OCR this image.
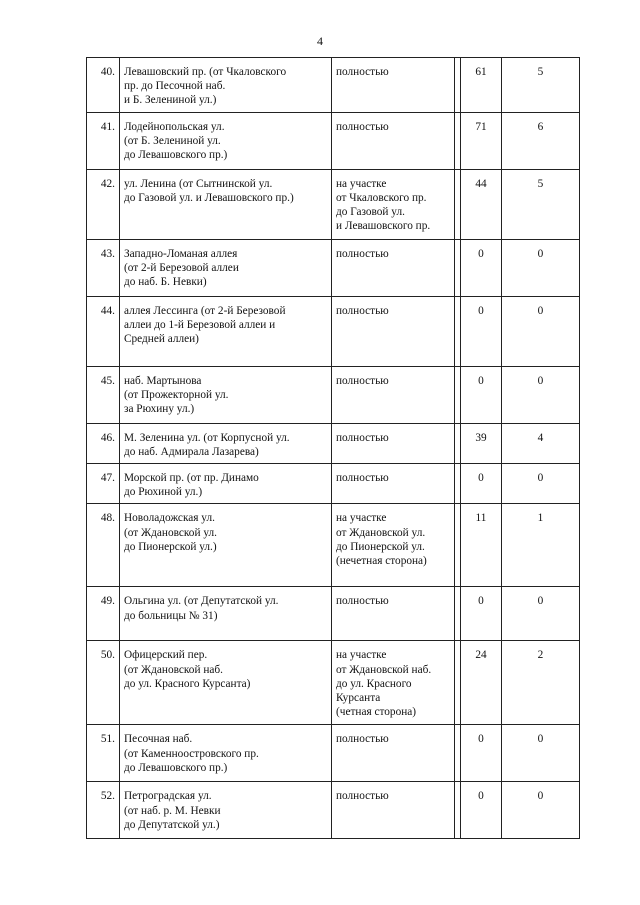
4
40.	Левашовский пр. (от Чкаловского
пр. до Песочной наб.
и Б. Зелениной ул.)	полностью		61	5
41.	Лодейнопольская ул.
(от Б. Зелениной ул.
до Левашовского пр.)	полностью		71	6
42.	ул. Ленина (от Сытнинской ул.
до Газовой ул. и Левашовского пр.)	на участке
от Чкаловского пр.
до Газовой ул.
и Левашовского пр.		44	5
43.	Западно-Ломаная аллея
(от 2-й Березовой аллеи
до наб. Б. Невки)	полностью		0	0
44.	аллея Лессинга (от 2-й Березовой
аллеи до 1-й Березовой аллеи и
Средней аллеи)	полностью		0	0
45.	наб. Мартынова
(от Прожекторной ул.
за Рюхину ул.)	полностью		0	0
46.	М. Зеленина ул. (от Корпусной ул.
до наб. Адмирала Лазарева)	полностью		39	4
47.	Морской пр. (от пр. Динамо
до Рюхиной ул.)	полностью		0	0
48.	Новоладожская ул.
(от Ждановской ул.
до Пионерской ул.)	на участке
от Ждановской ул.
до Пионерской ул.
(нечетная сторона)		11	1
49.	Ольгина ул. (от Депутатской ул.
до больницы № 31)	полностью		0	0
50.	Офицерский пер.
(от Ждановской наб.
до ул. Красного Курсанта)	на участке
от Ждановской наб.
до ул. Красного
Курсанта
(четная сторона)		24	2
51.	Песочная наб.
(от Каменноостровского пр.
до Левашовского пр.)	полностью		0	0
52.	Петроградская ул.
(от наб. р. М. Невки
до Депутатской ул.)	полностью		0	0
